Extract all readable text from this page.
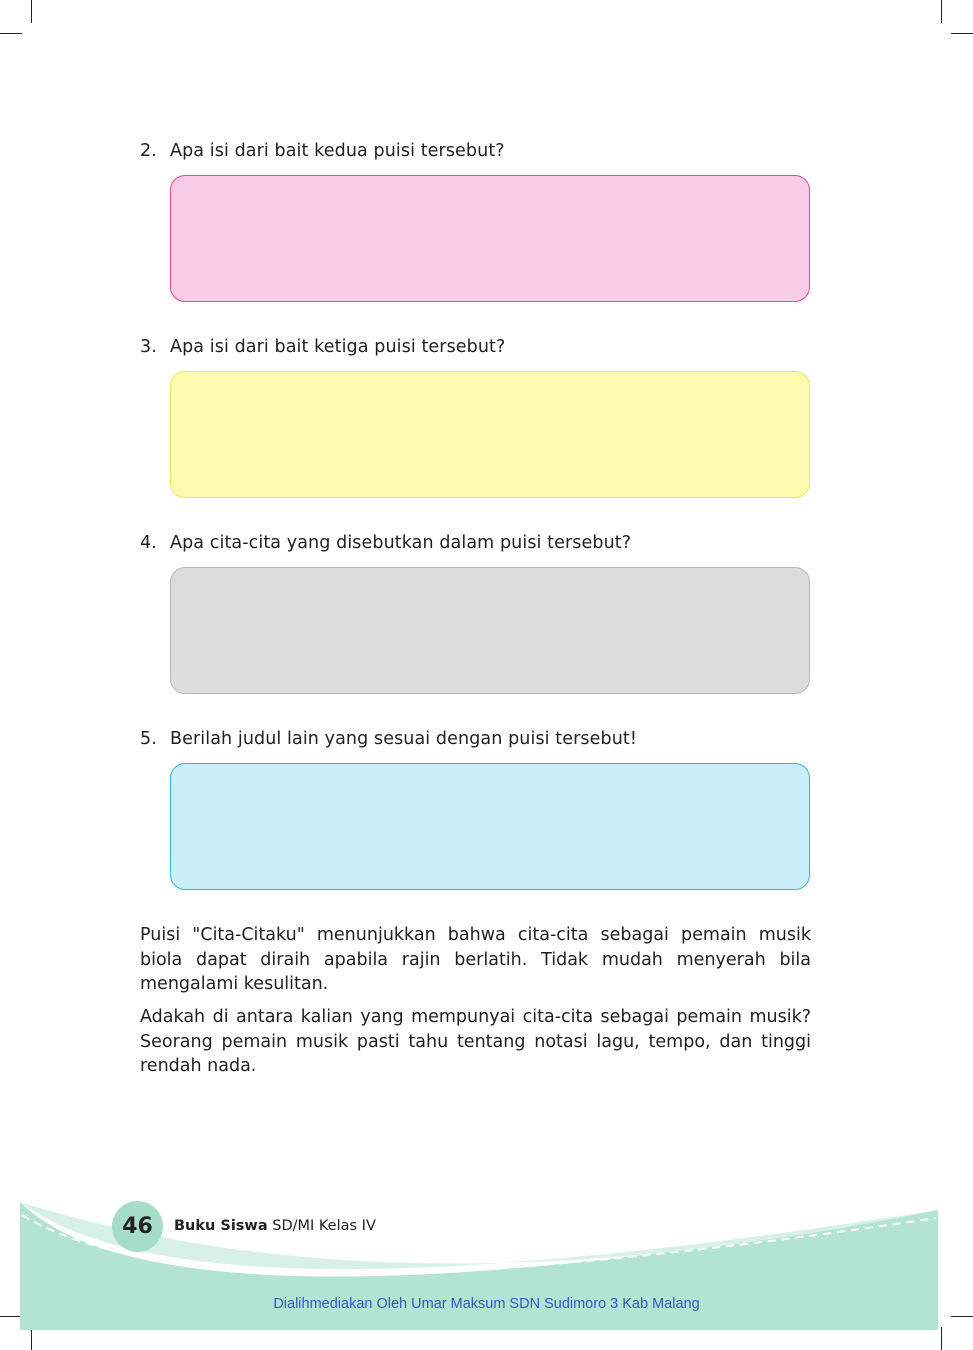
2. Apa isi dari bait kedua puisi tersebut?
3. Apa isi dari bait ketiga puisi tersebut?
4. Apa cita-cita yang disebutkan dalam puisi tersebut?
5. Berilah judul lain yang sesuai dengan puisi tersebut!

Puisi "Cita-Citaku" menunjukkan bahwa cita-cita sebagai pemain musik biola dapat diraih apabila rajin berlatih. Tidak mudah menyerah bila mengalami kesulitan.

Adakah di antara kalian yang mempunyai cita-cita sebagai pemain musik? Seorang pemain musik pasti tahu tentang notasi lagu, tempo, dan tinggi rendah nada.

46	Buku Siswa SD/MI Kelas IV
Dialihmediakan Oleh Umar Maksum SDN Sudimoro 3 Kab Malang
